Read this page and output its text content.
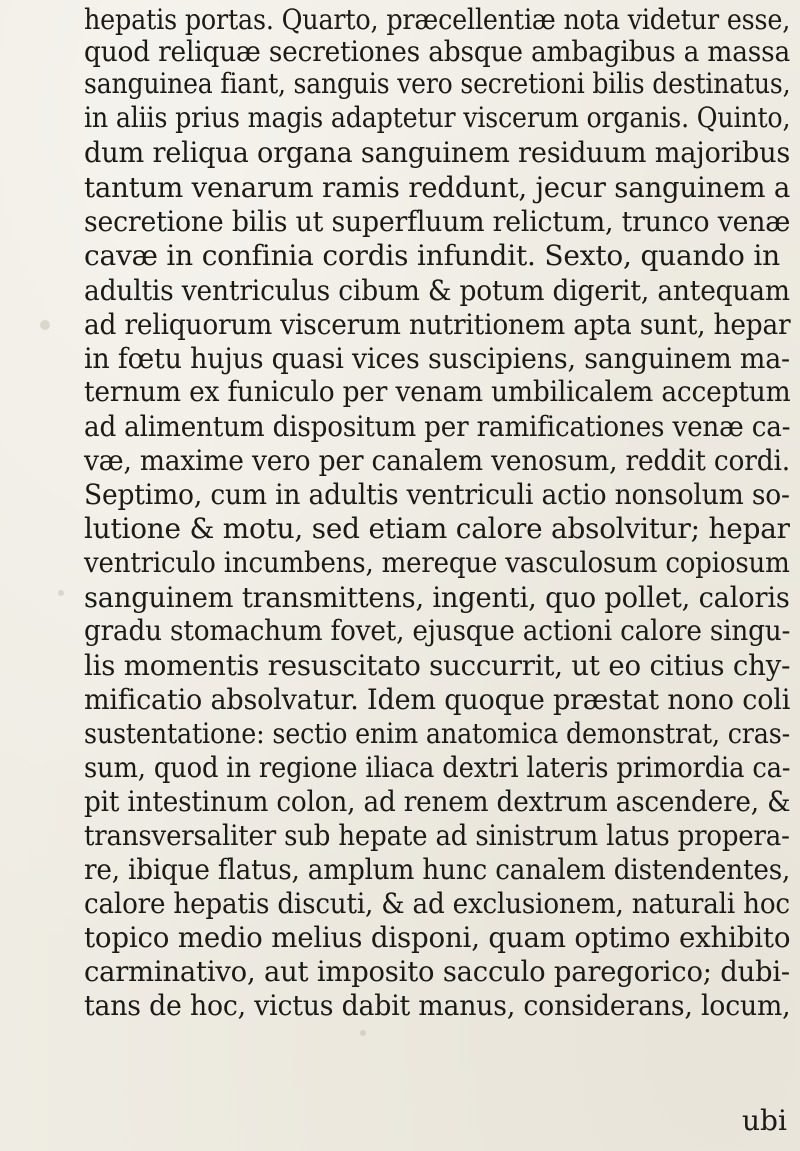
hepatis portas. Quarto, præcellentiæ nota videtur esse,
quod reliquæ secretiones absque ambagibus a massa
sanguinea fiant, sanguis vero secretioni bilis destinatus,
in aliis prius magis adaptetur viscerum organis. Quinto,
dum reliqua organa sanguinem residuum majoribus
tantum venarum ramis reddunt, jecur sanguinem a
secretione bilis ut superfluum relictum, trunco venæ
cavæ in confinia cordis infundit. Sexto, quando in
adultis ventriculus cibum & potum digerit, antequam
ad reliquorum viscerum nutritionem apta sunt, hepar
in fœtu hujus quasi vices suscipiens, sanguinem ma-
ternum ex funiculo per venam umbilicalem acceptum
ad alimentum dispositum per ramificationes venæ ca-
væ, maxime vero per canalem venosum, reddit cordi.
Septimo, cum in adultis ventriculi actio nonsolum so-
lutione & motu, sed etiam calore absolvitur; hepar
ventriculo incumbens, mereque vasculosum copiosum
sanguinem transmittens, ingenti, quo pollet, caloris
gradu stomachum fovet, ejusque actioni calore singu-
lis momentis resuscitato succurrit, ut eo citius chy-
mificatio absolvatur. Idem quoque præstat nono coli
sustentatione: sectio enim anatomica demonstrat, cras-
sum, quod in regione iliaca dextri lateris primordia ca-
pit intestinum colon, ad renem dextrum ascendere, &
transversaliter sub hepate ad sinistrum latus propera-
re, ibique flatus, amplum hunc canalem distendentes,
calore hepatis discuti, & ad exclusionem, naturali hoc
topico medio melius disponi, quam optimo exhibito
carminativo, aut imposito sacculo paregorico; dubi-
tans de hoc, victus dabit manus, considerans, locum,
ubi
